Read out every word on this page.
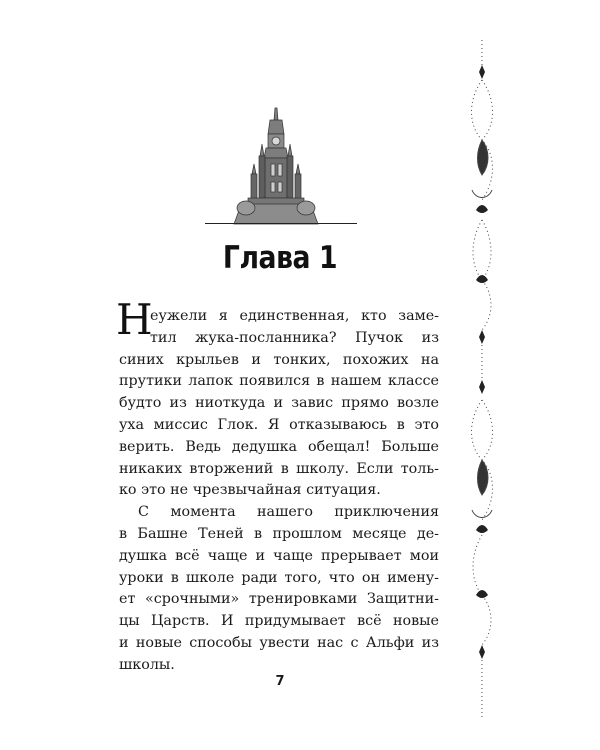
Глава 1
Н
еужели я единственная, кто заме-
тил жука-посланника? Пучок из
синих крыльев и тонких, похожих на
прутики лапок появился в нашем классе
будто из ниоткуда и завис прямо возле
уха миссис Глок. Я отказываюсь в это
верить. Ведь дедушка обещал! Больше
никаких вторжений в школу. Если толь-
ко это не чрезвычайная ситуация.
С момента нашего приключения
в Башне Теней в прошлом месяце де-
душка всё чаще и чаще прерывает мои
уроки в школе ради того, что он имену-
ет «срочными» тренировками Защитни-
цы Царств. И придумывает всё новые
и новые способы увести нас с Альфи из
школы.
7
